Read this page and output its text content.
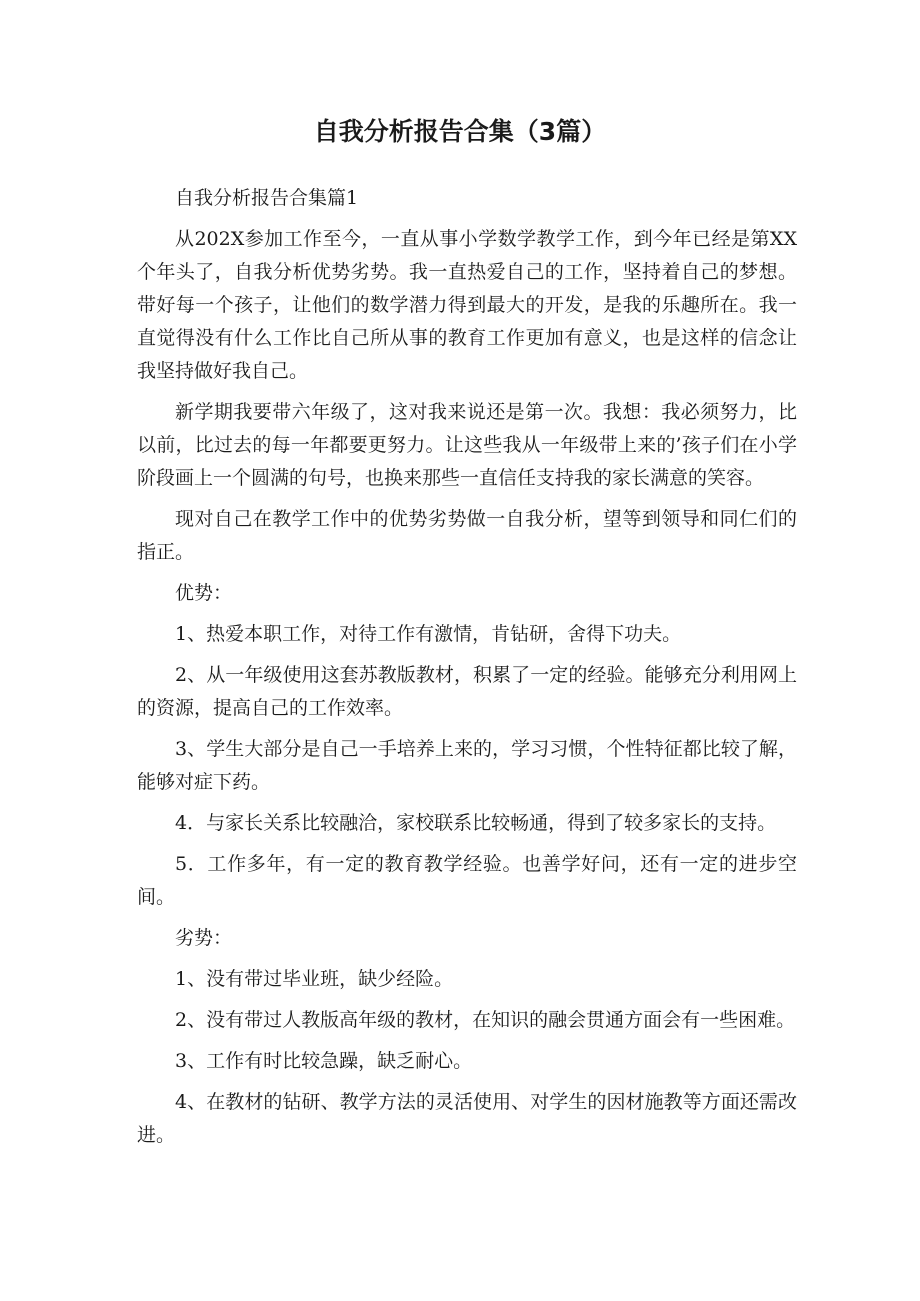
自我分析报告合集（3篇）

自我分析报告合集篇1

从202X参加工作至今，一直从事小学数学教学工作，到今年已经是第XX个年头了，自我分析优势劣势。我一直热爱自己的工作，坚持着自己的梦想。带好每一个孩子，让他们的数学潜力得到最大的开发，是我的乐趣所在。我一直觉得没有什么工作比自己所从事的教育工作更加有意义，也是这样的信念让我坚持做好我自己。

新学期我要带六年级了，这对我来说还是第一次。我想：我必须努力，比以前，比过去的每一年都要更努力。让这些我从一年级带上来的’孩子们在小学阶段画上一个圆满的句号，也换来那些一直信任支持我的家长满意的笑容。

现对自己在教学工作中的优势劣势做一自我分析，望等到领导和同仁们的指正。

优势：

1、热爱本职工作，对待工作有激情，肯钻研，舍得下功夫。

2、从一年级使用这套苏教版教材，积累了一定的经验。能够充分利用网上的资源，提高自己的工作效率。

3、学生大部分是自己一手培养上来的，学习习惯，个性特征都比较了解，能够对症下药。

4．与家长关系比较融洽，家校联系比较畅通，得到了较多家长的支持。

5．工作多年，有一定的教育教学经验。也善学好问，还有一定的进步空间。

劣势：

1、没有带过毕业班，缺少经险。

2、没有带过人教版高年级的教材，在知识的融会贯通方面会有一些困难。

3、工作有时比较急躁，缺乏耐心。

4、在教材的钻研、教学方法的灵活使用、对学生的因材施教等方面还需改进。
